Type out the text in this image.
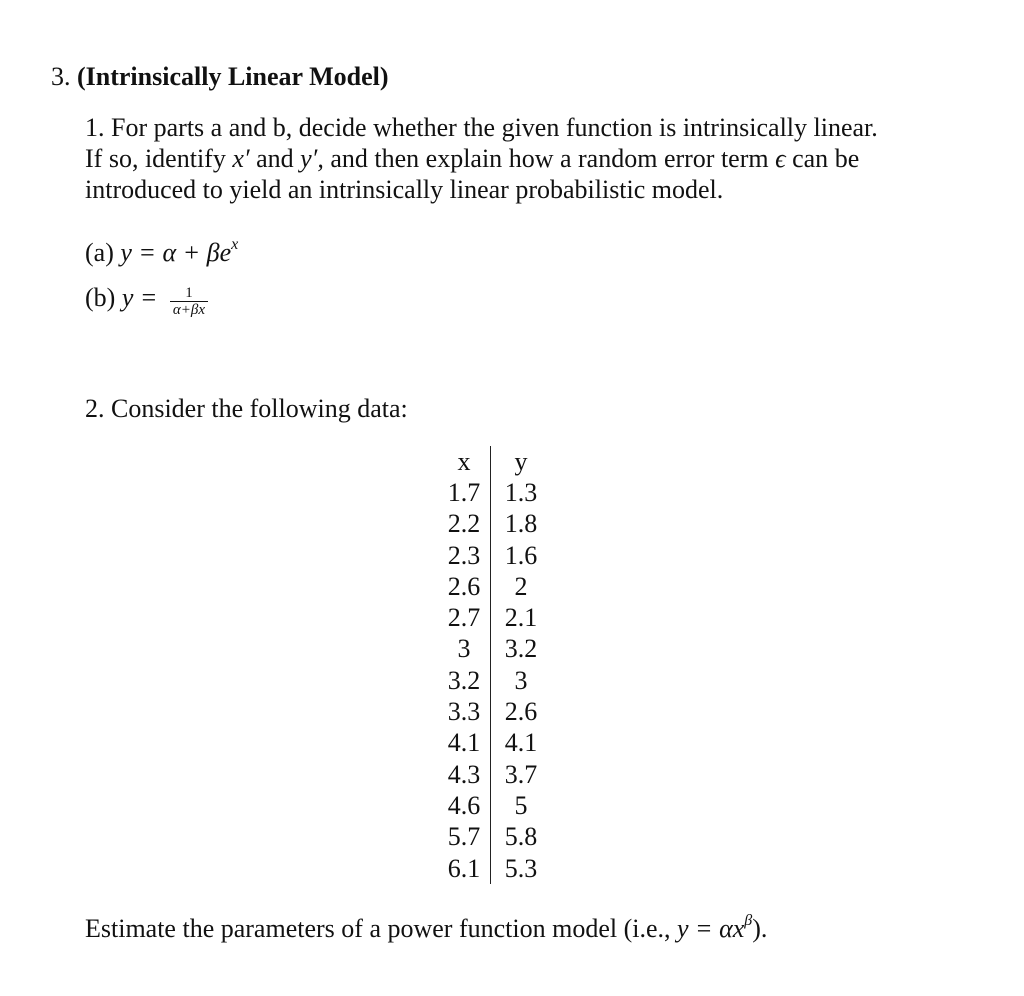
3. (Intrinsically Linear Model)
1. For parts a and b, decide whether the given function is intrinsically linear.
If so, identify x′ and y′, and then explain how a random error term ϵ can be
introduced to yield an intrinsically linear probabilistic model.
(a) $y = \alpha + \beta e^x$
(b) $y = \frac{1}{\alpha+\beta x}$
2. Consider the following data:
x	y
1.7	1.3
2.2	1.8
2.3	1.6
2.6	2
2.7	2.1
3	3.2
3.2	3
3.3	2.6
4.1	4.1
4.3	3.7
4.6	5
5.7	5.8
6.1	5.3
Estimate the parameters of a power function model (i.e., $y = \alpha x^\beta$).
